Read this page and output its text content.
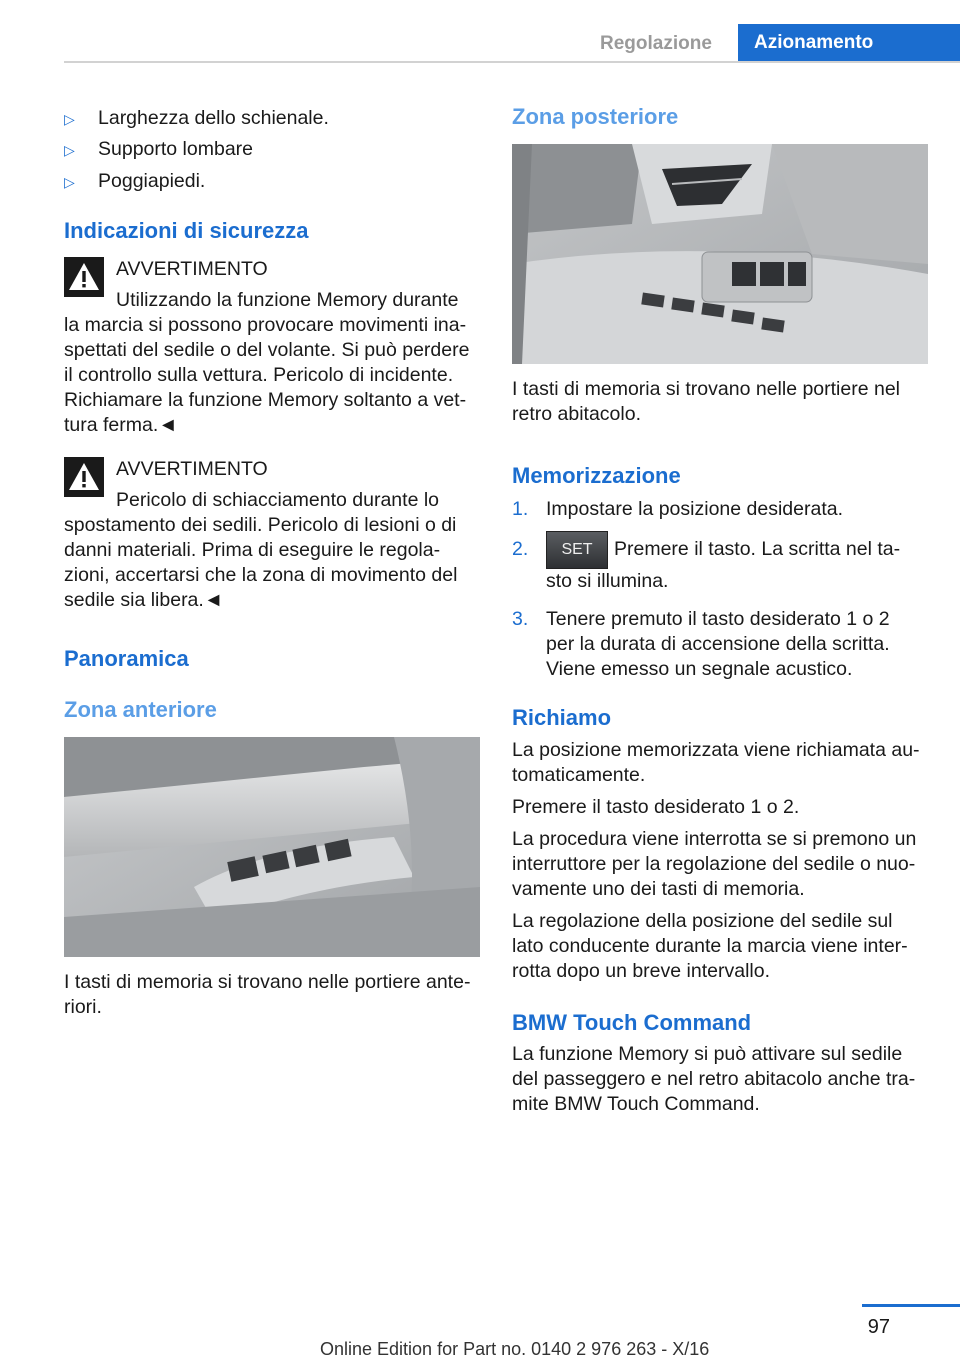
Regolazione	Azionamento
▷	Larghezza dello schienale.

▷	Supporto lombare

▷	Poggiapiedi.

Indicazioni di sicurezza

AVVERTIMENTO

Utilizzando la funzione Memory durante

la marcia si possono provocare movimenti ina-
spettati del sedile o del volante. Si può perdere
il controllo sulla vettura. Pericolo di incidente.
Richiamare la funzione Memory soltanto a vet-
tura ferma.◄

AVVERTIMENTO

Pericolo di schiacciamento durante lo

spostamento dei sedili. Pericolo di lesioni o di
danni materiali. Prima di eseguire le regola-
zioni, accertarsi che la zona di movimento del
sedile sia libera.◄

Panoramica
Zona anteriore

I tasti di memoria si trovano nelle portiere ante-
riori.

Zona posteriore

I tasti di memoria si trovano nelle portiere nel
retro abitacolo.

Memorizzazione

1. Impostare la posizione desiderata.

2. SET Premere il tasto. La scritta nel ta-

sto si illumina.

3. Tenere premuto il tasto desiderato 1 o 2
per la durata di accensione della scritta.
Viene emesso un segnale acustico.

Richiamo

La posizione memorizzata viene richiamata au-
tomaticamente.

Premere il tasto desiderato 1 o 2.

La procedura viene interrotta se si premono un
interruttore per la regolazione del sedile o nuo-
vamente uno dei tasti di memoria.

La regolazione della posizione del sedile sul
lato conducente durante la marcia viene inter-
rotta dopo un breve intervallo.

BMW Touch Command

La funzione Memory si può attivare sul sedile
del passeggero e nel retro abitacolo anche tra-
mite BMW Touch Command.

97
Online Edition for Part no. 0140 2 976 263 - X/16
